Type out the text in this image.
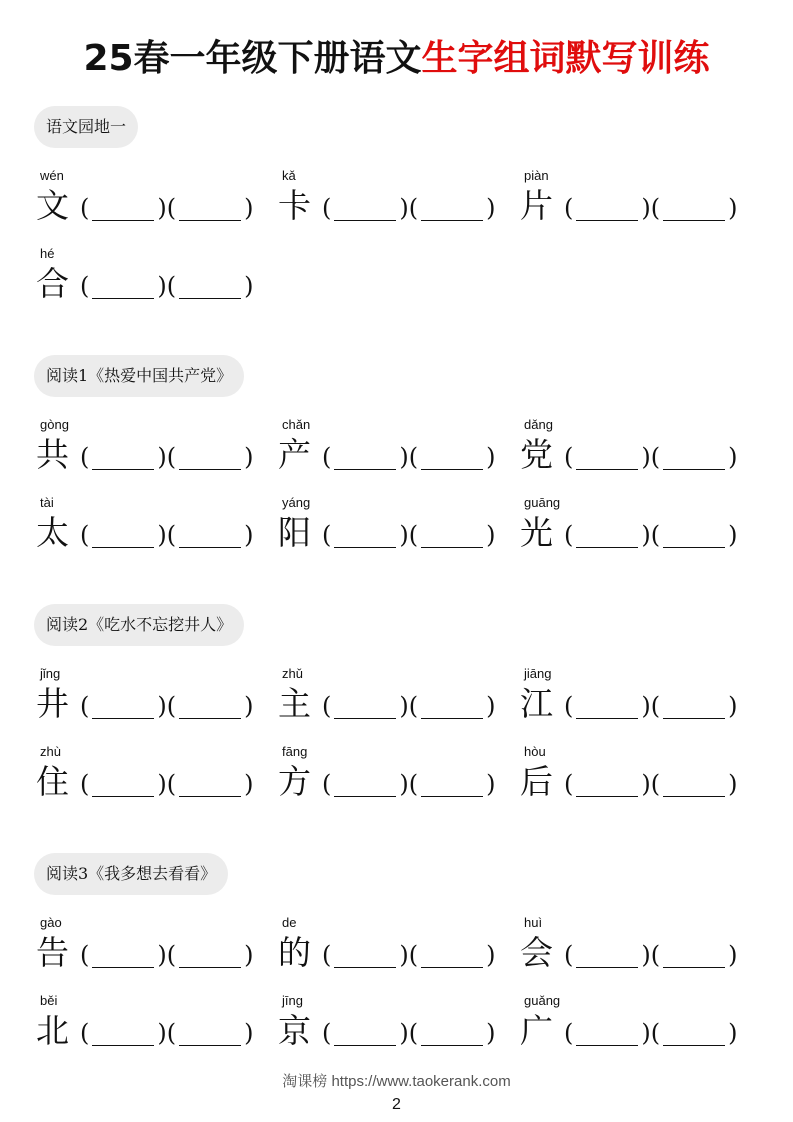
25春一年级下册语文生字组词默写训练
语文园地一
wén
文 (	)(	)
kǎ
卡 (	)(	)
piàn
片 (	)(	)
hé
合 (	)(	)
阅读1《热爱中国共产党》
gòng
共 (	)(	)
chǎn
产 (	)(	)
dǎng
党 (	)(	)
tài
太 (	)(	)
yáng
阳 (	)(	)
guāng
光 (	)(	)
阅读2《吃水不忘挖井人》
jǐng
井 (	)(	)
zhǔ
主 (	)(	)
jiāng
江 (	)(	)
zhù
住 (	)(	)
fāng
方 (	)(	)
hòu
后 (	)(	)
阅读3《我多想去看看》
gào
告 (	)(	)
de
的 (	)(	)
huì
会 (	)(	)
běi
北 (	)(	)
jīng
京 (	)(	)
guǎng
广 (	)(	)
淘课榜 https://www.taokerank.com
2
